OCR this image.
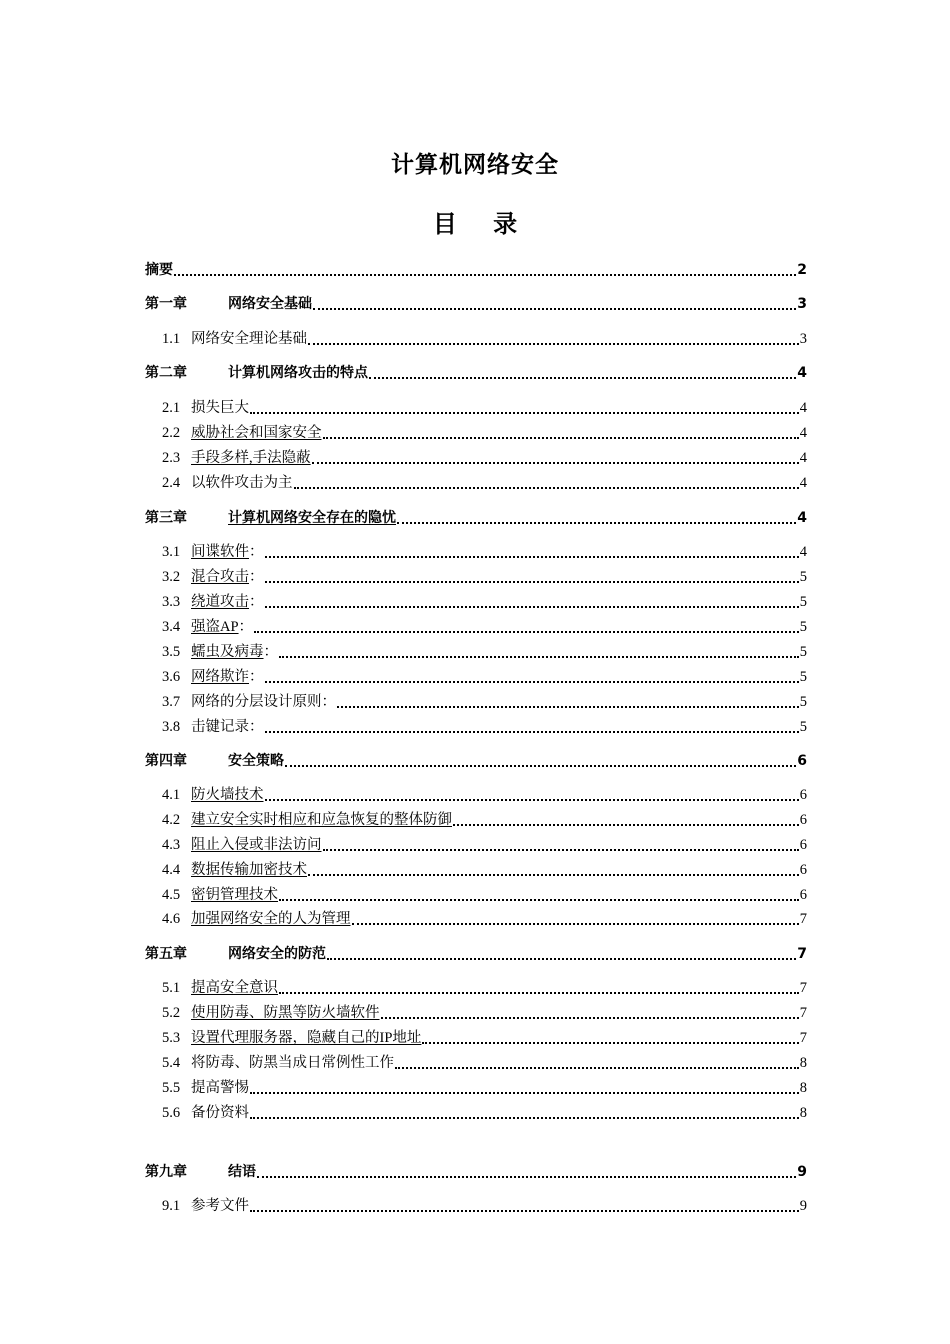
计算机网络安全
目 录
摘要	2
第一章	网络安全基础	3
1.1 网络安全理论基础	3
第二章	计算机网络攻击的特点	4
2.1 损失巨大	4
2.2 威胁社会和国家安全	4
2.3 手段多样,手法隐蔽	4
2.4 以软件攻击为主	4
第三章	计算机网络安全存在的隐忧	4
3.1 间谍软件 ：	4
3.2 混合攻击 ：	5
3.3 绕道攻击 ：	5
3.4 强盗AP ：	5
3.5 蠕虫及病毒 ：	5
3.6 网络欺诈 ：	5
3.7 网络的分层设计原则：	5
3.8 击键记录：	5
第四章	安全策略	6
4.1 防火墙技术	6
4.2 建立安全实时相应和应急恢复的整体防御	6
4.3 阻止入侵或非法访问	6
4.4 数据传输加密技术	6
4.5 密钥管理技术	6
4.6 加强网络安全的人为管理	7
第五章	网络安全的防范	7
5.1 提高安全意识	7
5.2 使用防毒、防黑等防火墙软件	7
5.3 设置代理服务器，隐藏自己的IP地址	7
5.4 将防毒、防黑当成日常例性工作	8
5.5 提高警惕	8
5.6 备份资料	8
第九章	结语	9
9.1 参考文件	9
